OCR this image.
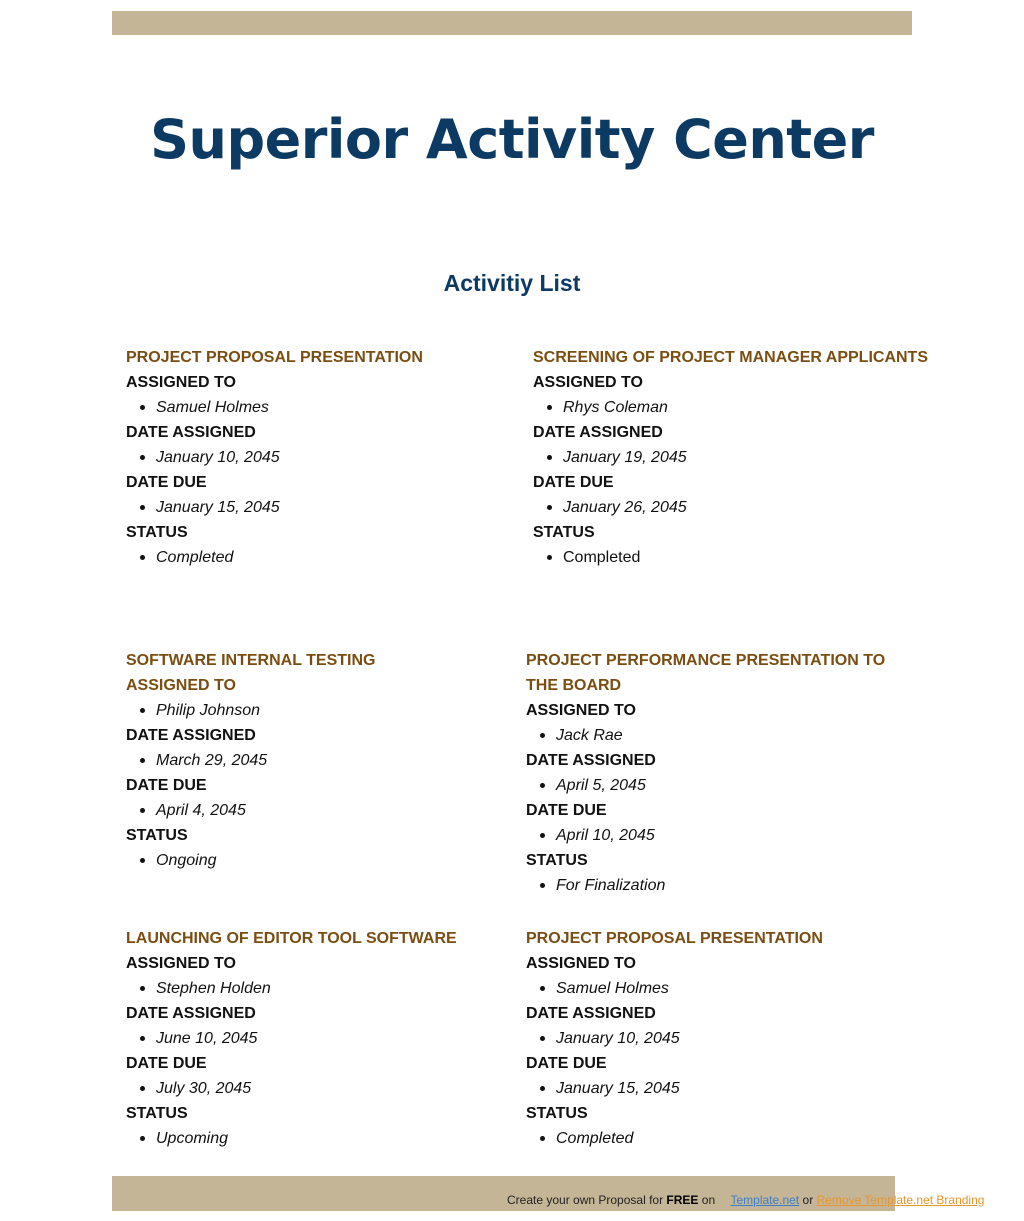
Superior Activity Center
Activitiy List
PROJECT PROPOSAL PRESENTATION
ASSIGNED TO
Samuel Holmes
DATE ASSIGNED
January 10, 2045
DATE DUE
January 15, 2045
STATUS
Completed
SCREENING OF PROJECT MANAGER APPLICANTS
ASSIGNED TO
Rhys Coleman
DATE ASSIGNED
January 19, 2045
DATE DUE
January 26, 2045
STATUS
Completed
SOFTWARE INTERNAL TESTING
ASSIGNED TO
Philip Johnson
DATE ASSIGNED
March 29, 2045
DATE DUE
April 4, 2045
STATUS
Ongoing
PROJECT PERFORMANCE PRESENTATION TO THE BOARD
ASSIGNED TO
Jack Rae
DATE ASSIGNED
April 5, 2045
DATE DUE
April 10, 2045
STATUS
For Finalization
LAUNCHING OF EDITOR TOOL SOFTWARE
ASSIGNED TO
Stephen Holden
DATE ASSIGNED
June 10, 2045
DATE DUE
July 30, 2045
STATUS
Upcoming
PROJECT PROPOSAL PRESENTATION
ASSIGNED TO
Samuel Holmes
DATE ASSIGNED
January 10, 2045
DATE DUE
January 15, 2045
STATUS
Completed
Create your own Proposal for FREE on Template.net or Remove Template.net Branding
